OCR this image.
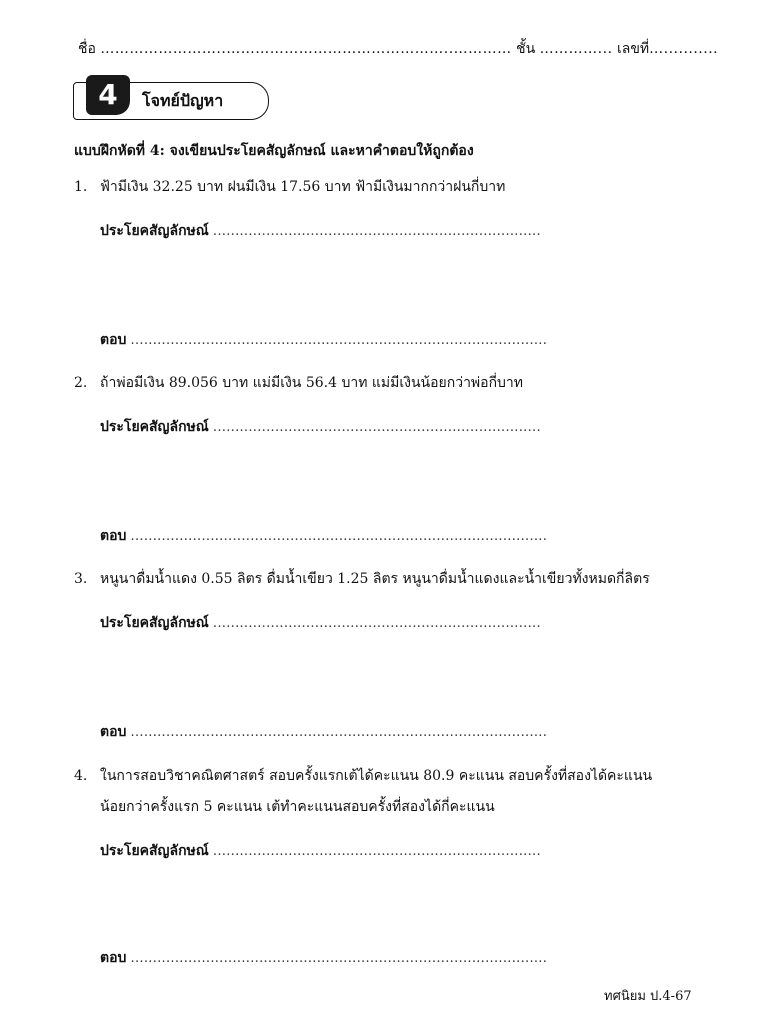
ชื่อ ……………………..………………………………………..………… ชั้น …………... เลขที่…...........
4	โจทย์ปัญหา
แบบฝึกหัดที่ 4: จงเขียนประโยคสัญลักษณ์ และหาคำตอบให้ถูกต้อง
1. ฟ้ามีเงิน 32.25 บาท ฝนมีเงิน 17.56 บาท ฟ้ามีเงินมากกว่าฝนกี่บาท
ประโยคสัญลักษณ์ ..........................................................................
ตอบ ..............................................................................................
2. ถ้าพ่อมีเงิน 89.056 บาท แม่มีเงิน 56.4 บาท แม่มีเงินน้อยกว่าพ่อกี่บาท
ประโยคสัญลักษณ์ ..........................................................................
ตอบ ..............................................................................................
3. หนูนาดื่มน้ำแดง 0.55 ลิตร ดื่มน้ำเขียว 1.25 ลิตร หนูนาดื่มน้ำแดงและน้ำเขียวทั้งหมดกี่ลิตร
ประโยคสัญลักษณ์ ..........................................................................
ตอบ ..............................................................................................
4. ในการสอบวิชาคณิตศาสตร์ สอบครั้งแรกเต้ได้คะแนน 80.9 คะแนน สอบครั้งที่สองได้คะแนน
น้อยกว่าครั้งแรก 5 คะแนน เต้ทำคะแนนสอบครั้งที่สองได้กี่คะแนน
ประโยคสัญลักษณ์ ..........................................................................
ตอบ ..............................................................................................
ทศนิยม ป.4-67
